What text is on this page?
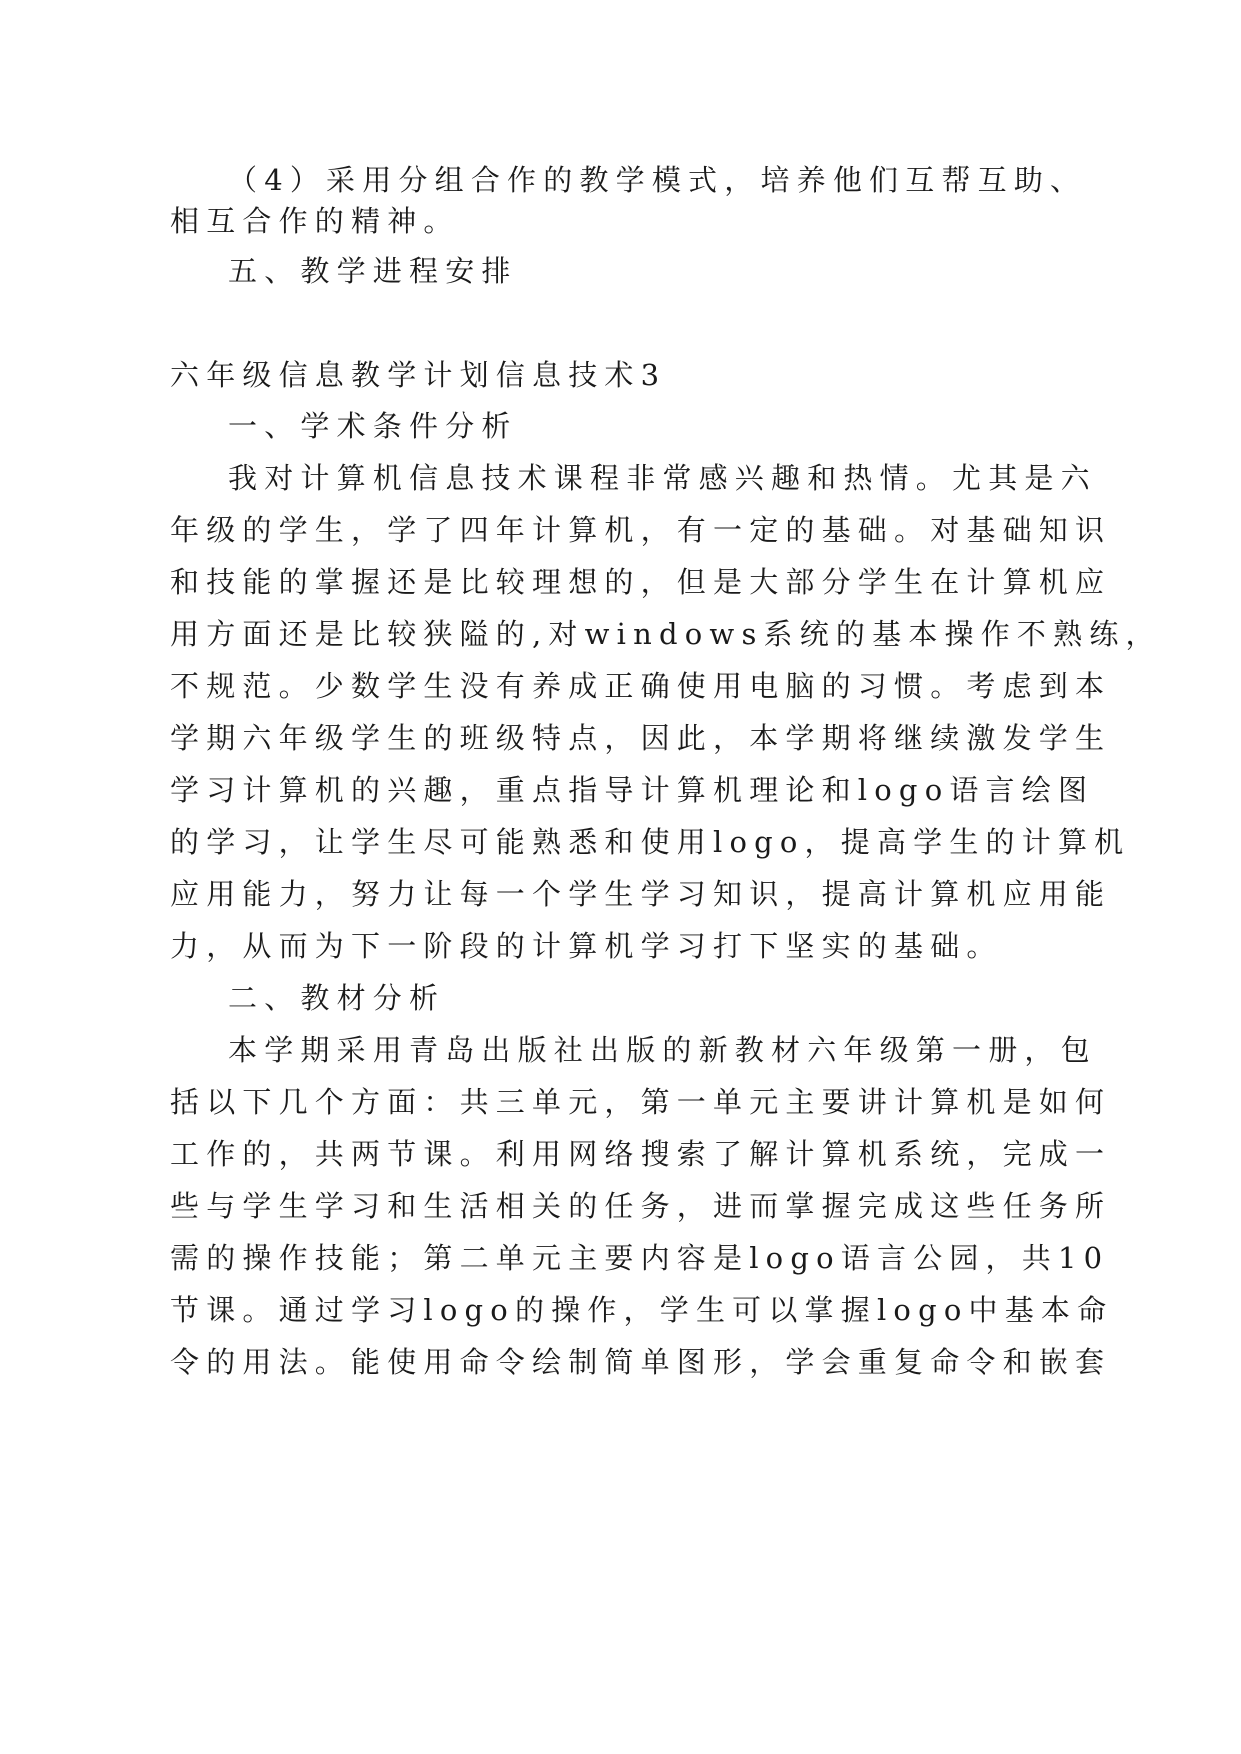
（4）采用分组合作的教学模式，培养他们互帮互助、
相互合作的精神。
五、教学进程安排
六年级信息教学计划信息技术3
一、学术条件分析
我对计算机信息技术课程非常感兴趣和热情。尤其是六
年级的学生，学了四年计算机，有一定的基础。对基础知识
和技能的掌握还是比较理想的，但是大部分学生在计算机应
用方面还是比较狭隘的,对windows系统的基本操作不熟练，
不规范。少数学生没有养成正确使用电脑的习惯。考虑到本
学期六年级学生的班级特点，因此，本学期将继续激发学生
学习计算机的兴趣，重点指导计算机理论和logo语言绘图
的学习，让学生尽可能熟悉和使用logo，提高学生的计算机
应用能力，努力让每一个学生学习知识，提高计算机应用能
力，从而为下一阶段的计算机学习打下坚实的基础。
二、教材分析
本学期采用青岛出版社出版的新教材六年级第一册，包
括以下几个方面：共三单元，第一单元主要讲计算机是如何
工作的，共两节课。利用网络搜索了解计算机系统，完成一
些与学生学习和生活相关的任务，进而掌握完成这些任务所
需的操作技能；第二单元主要内容是logo语言公园，共10
节课。通过学习logo的操作，学生可以掌握logo中基本命
令的用法。能使用命令绘制简单图形，学会重复命令和嵌套
